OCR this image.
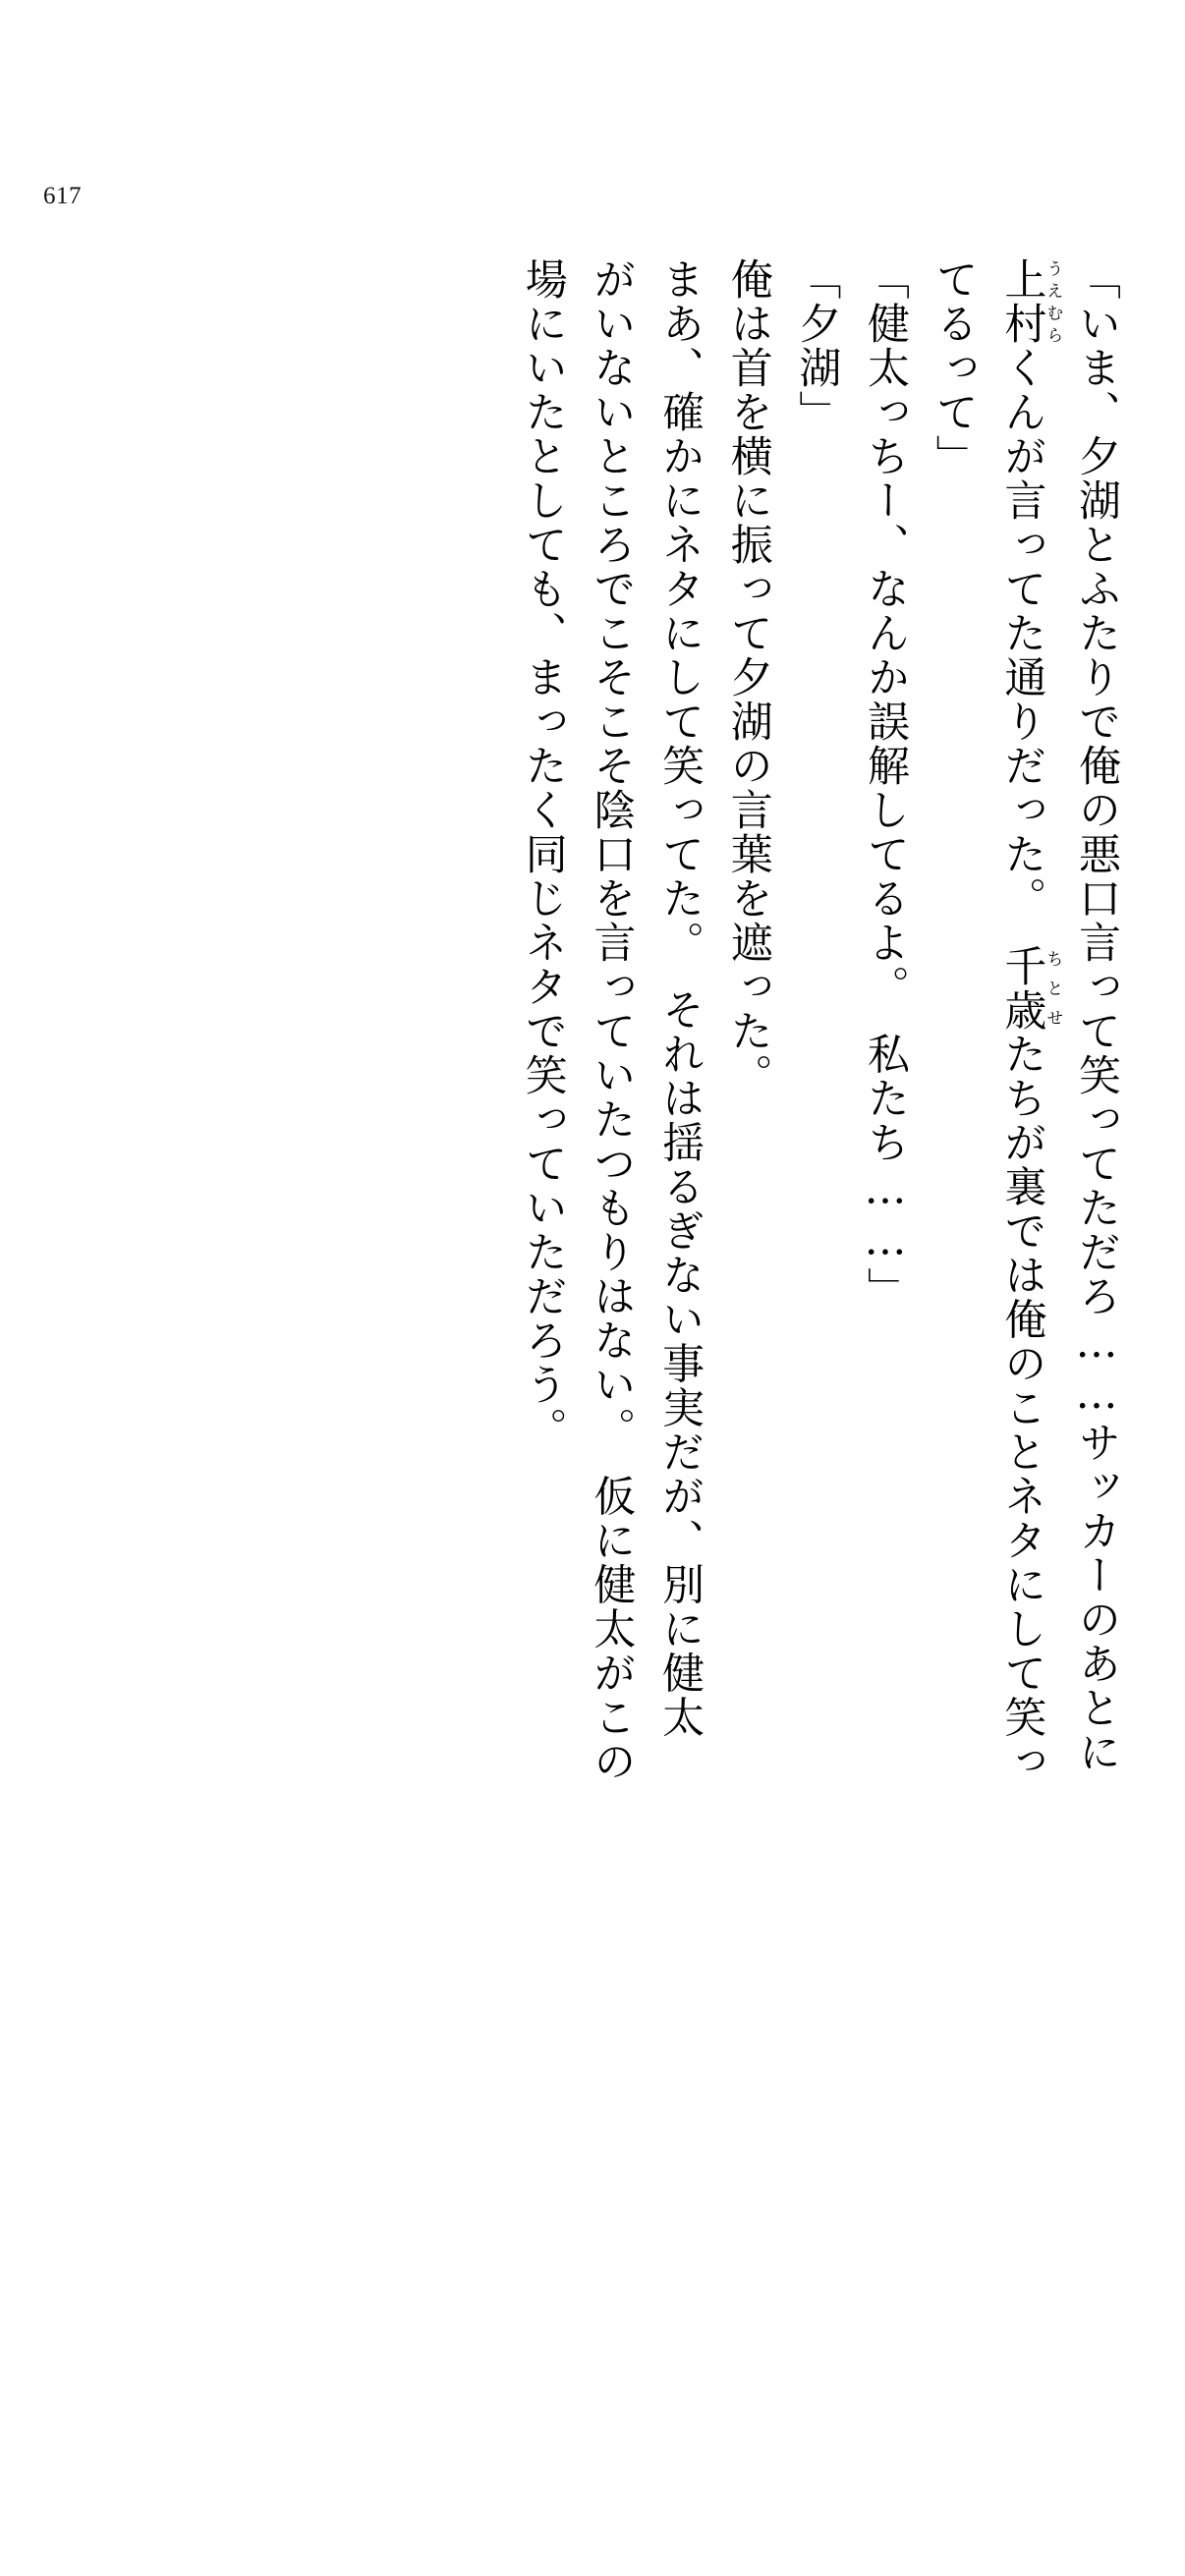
617
「いま、夕湖とふたりで俺の悪口言って笑ってただろ……サッカーのあとに
上村うえむらくんが言ってた通りだった。　千歳ちとせたちが裏では俺のことネタにして笑っ
てるって」
「健太っちー、なんか誤解してるよ。　私たち……」
「夕湖」
俺は首を横に振って夕湖の言葉を遮った。
まあ、確かにネタにして笑ってた。　それは揺るぎない事実だが、別に健太
がいないところでこそこそ陰口を言っていたつもりはない。　仮に健太がこの
場にいたとしても、まったく同じネタで笑っていただろう。
